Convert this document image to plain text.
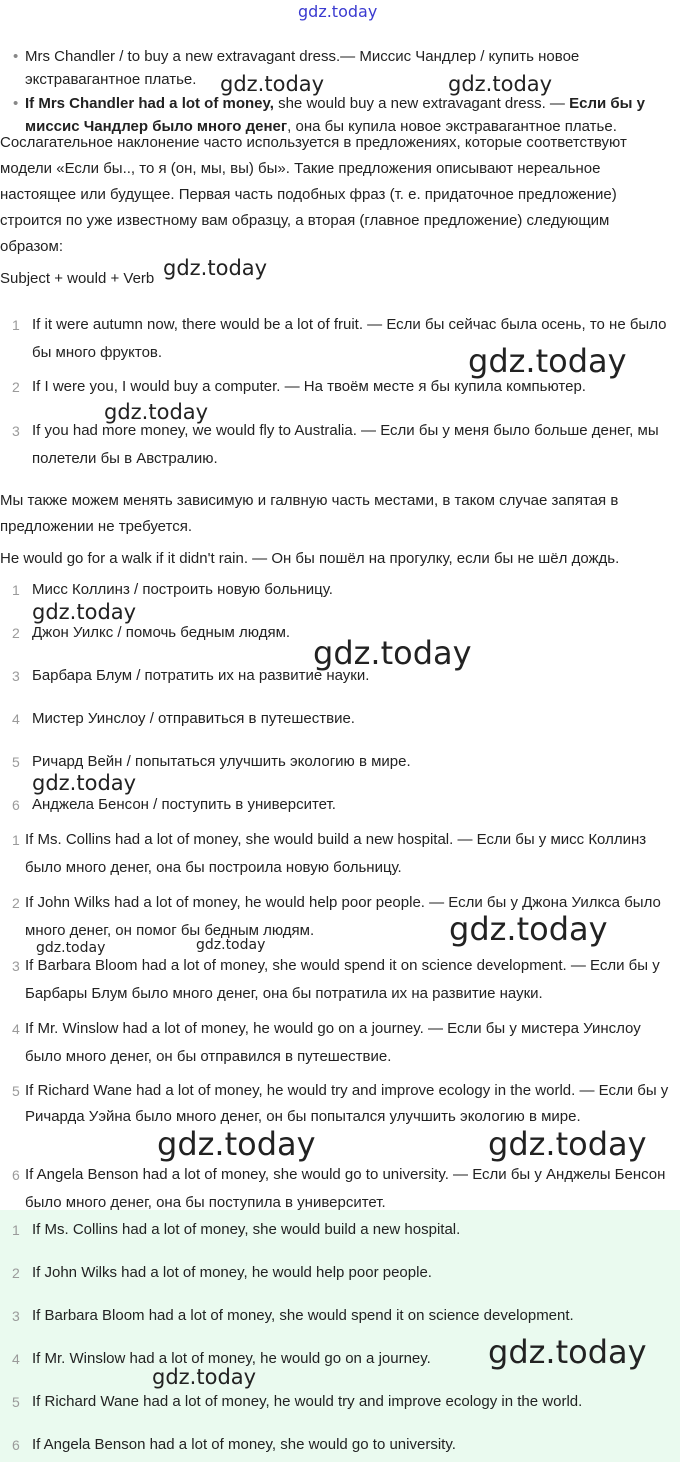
gdz.today
• Mrs Chandler / to buy a new extravagant dress.— Миссис Чандлер / купить новое экстравагантное платье.
• If Mrs Chandler had a lot of money, she would buy a new extravagant dress. — Если бы у миссис Чандлер было много денег, она бы купила новое экстравагантное платье.
Сослагательное наклонение часто используется в предложениях, которые соответствуют модели «Если бы.., то я (он, мы, вы) бы». Такие предложения описывают нереальное настоящее или будущее. Первая часть подобных фраз (т. е. придаточное предложение) строится по уже известному вам образцу, а вторая (главное предложение) следующим образом:
Subject + would + Verb
1 If it were autumn now, there would be a lot of fruit. — Если бы сейчас была осень, то не было бы много фруктов.
2 If I were you, I would buy a computer. — На твоём месте я бы купила компьютер.
3 If you had more money, we would fly to Australia. — Если бы у меня было больше денег, мы полетели бы в Австралию.
Мы также можем менять зависимую и галвную часть местами, в таком случае запятая в предложении не требуется.
He would go for a walk if it didn't rain. — Он бы пошёл на прогулку, если бы не шёл дождь.
1 Мисс Коллинз / построить новую больницу.
2 Джон Уилкс / помочь бедным людям.
3 Барбара Блум / потратить их на развитие науки.
4 Мистер Уинслоу / отправиться в путешествие.
5 Ричард Вейн / попытаться улучшить экологию в мире.
6 Анджела Бенсон / поступить в университет.
1 If Ms. Collins had a lot of money, she would build a new hospital. — Если бы у мисс Коллинз было много денег, она бы построила новую больницу.
2 If John Wilks had a lot of money, he would help poor people. — Если бы у Джона Уилкса было много денег, он помог бы бедным людям.
3 If Barbara Bloom had a lot of money, she would spend it on science development. — Если бы у Барбары Блум было много денег, она бы потратила их на развитие науки.
4 If Mr. Winslow had a lot of money, he would go on a journey. — Если бы у мистера Уинслоу было много денег, он бы отправился в путешествие.
5 If Richard Wane had a lot of money, he would try and improve ecology in the world. — Если бы у Ричарда Уэйна было много денег, он бы попытался улучшить экологию в мире.
6 If Angela Benson had a lot of money, she would go to university. — Если бы у Анджелы Бенсон было много денег, она бы поступила в университет.
1 If Ms. Collins had a lot of money, she would build a new hospital.
2 If John Wilks had a lot of money, he would help poor people.
3 If Barbara Bloom had a lot of money, she would spend it on science development.
4 If Mr. Winslow had a lot of money, he would go on a journey.
5 If Richard Wane had a lot of money, he would try and improve ecology in the world.
6 If Angela Benson had a lot of money, she would go to university.
gdz.today	gdz.today
gdz.today
gdz.today
gdz.today
gdz.today
gdz.today
gdz.today
gdz.today
gdz.today	gdz.today
gdz.today	gdz.today
gdz.today
gdz.today
